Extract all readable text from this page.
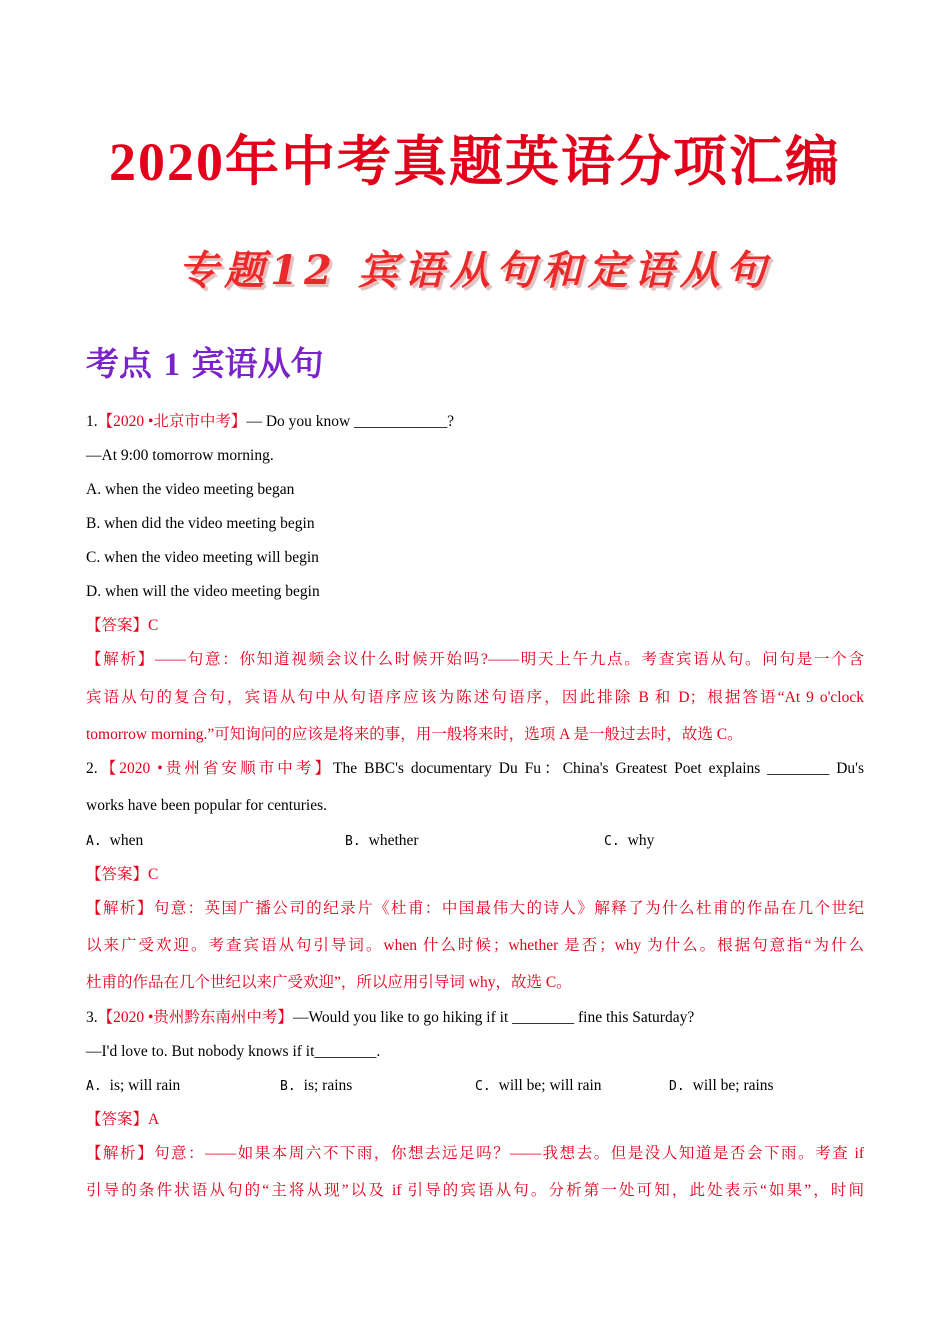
2020年中考真题英语分项汇编
专题12 宾语从句和定语从句
考点 1 宾语从句
1.【2020 •北京市中考】— Do you know ____________?
—At 9:00 tomorrow morning.
A. when the video meeting began
B. when did the video meeting begin
C. when the video meeting will begin
D. when will the video meeting begin
【答案】C
【解析】——句意：你知道视频会议什么时候开始吗?——明天上午九点。考查宾语从句。问句是一个含
宾语从句的复合句，宾语从句中从句语序应该为陈述句语序，因此排除 B 和 D；根据答语“At 9 o'clock
tomorrow morning.”可知询问的应该是将来的事，用一般将来时，选项 A 是一般过去时，故选 C。
2.【2020 •贵州省安顺市中考】The BBC's documentary Du Fu：China's Greatest Poet explains ________ Du's
works have been popular for centuries.
A. when	B. whether	C. why
【答案】C
【解析】句意：英国广播公司的纪录片《杜甫：中国最伟大的诗人》解释了为什么杜甫的作品在几个世纪
以来广受欢迎。考查宾语从句引导词。when 什么时候；whether 是否；why 为什么。根据句意指“为什么
杜甫的作品在几个世纪以来广受欢迎”，所以应用引导词 why，故选 C。
3.【2020 •贵州黔东南州中考】—Would you like to go hiking if it ________ fine this Saturday?
—I'd love to. But nobody knows if it________.
A. is; will rain	B. is; rains	C. will be; will rain	D. will be; rains
【答案】A
【解析】句意：——如果本周六不下雨，你想去远足吗？——我想去。但是没人知道是否会下雨。考查 if
引导的条件状语从句的“主将从现”以及 if 引导的宾语从句。分析第一处可知，此处表示“如果”，时间
